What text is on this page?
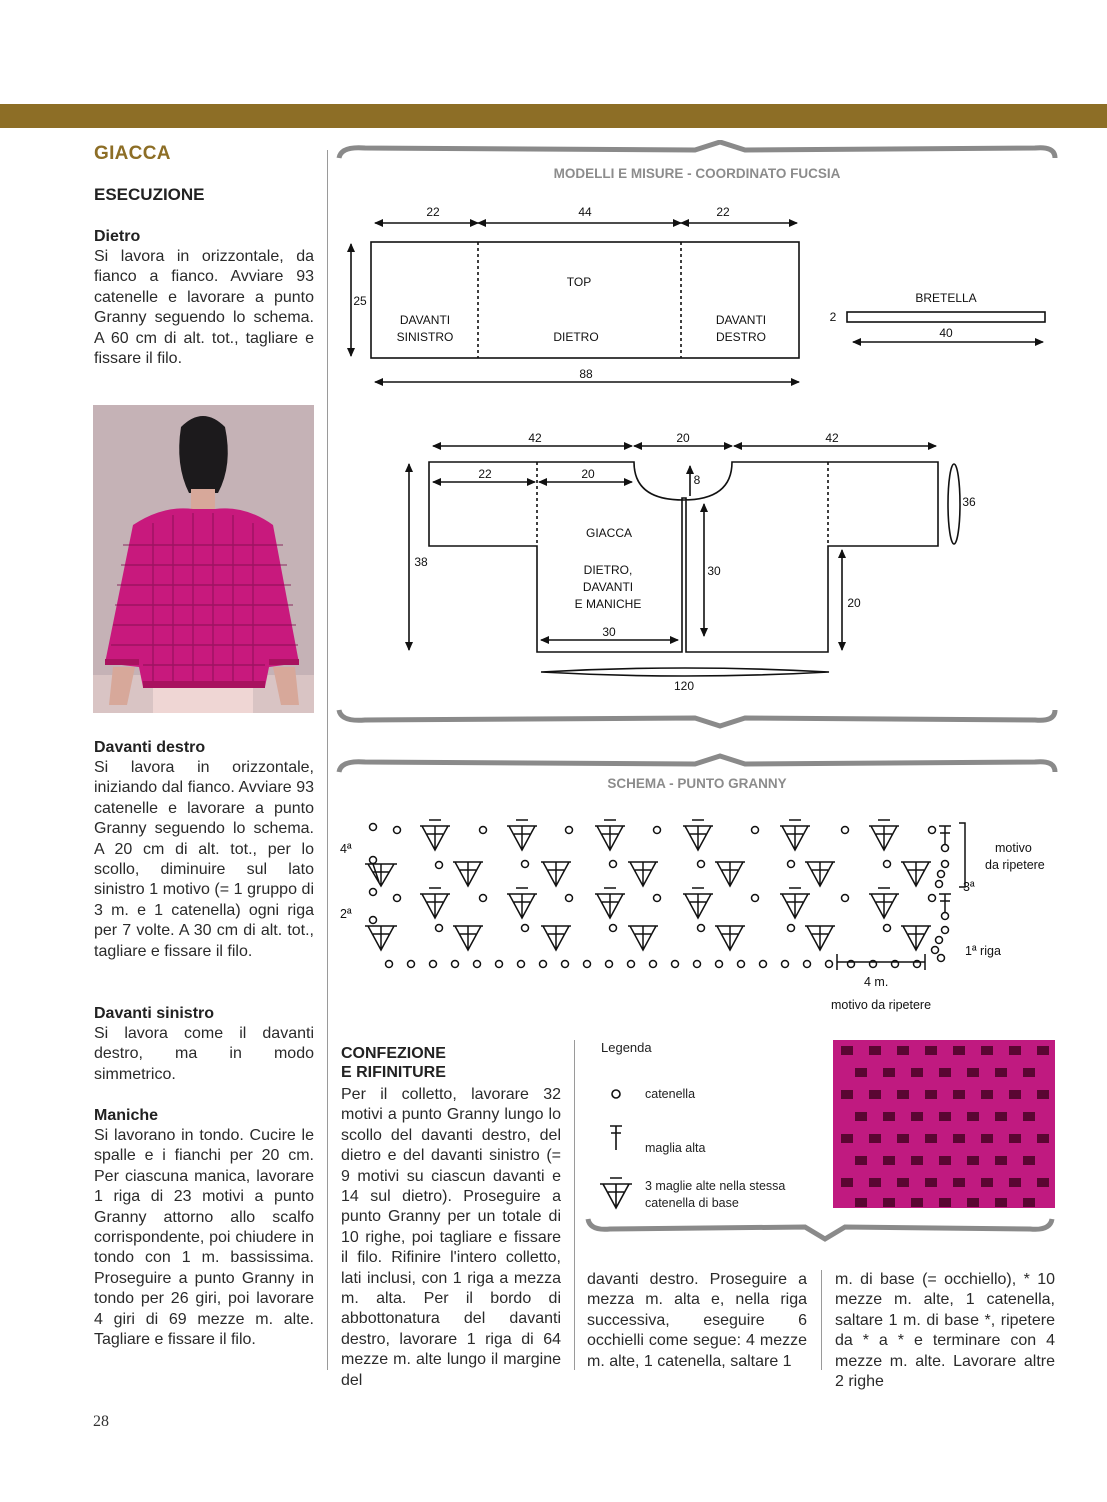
GIACCA
ESECUZIONE

Dietro

Si lavora in orizzontale, da fianco a fianco. Avviare 93 catenelle e lavorare a punto Granny seguendo lo schema. A 60 cm di alt. tot., tagliare e fissare il filo.

Davanti destro

Si lavora in orizzontale, iniziando dal fianco. Avviare 93 catenelle e lavorare a punto Granny seguendo lo schema. A 20 cm di alt. tot., per lo scollo, diminuire sul lato sinistro 1 motivo (= 1 gruppo di 3 m. e 1 catenella) ogni riga per 7 volte. A 30 cm di alt. tot., tagliare e fissare il filo.

Davanti sinistro

Si lavora come il davanti destro, ma in modo simmetrico.

Maniche

Si lavorano in tondo. Cucire le spalle e i fianchi per 20 cm. Per ciascuna manica, lavorare 1 riga di 23 motivi a punto Granny attorno allo scalfo corrispondente, poi chiudere in tondo con 1 m. bassissima. Proseguire a punto Granny in tondo per 26 giri, poi lavorare 4 giri di 69 mezze m. alte. Tagliare e fissare il filo.

MODELLI E MISURE - COORDINATO FUCSIA
22	44	22
25
88
TOP
DAVANTI
SINISTRO	DIETRO
DAVANTI
DESTRO
BRETELLA
2
40
42	20	42
22	20	8
36
38
30
20
30
120
GIACCA
DIETRO,
DAVANTI
E MANICHE
SCHEMA - PUNTO GRANNY
4ª
2ª
3ª
1ª riga
motivo
da ripetere
4 m.
motivo da ripetere
CONFEZIONE
E RIFINITURE

Per il colletto, lavorare 32 motivi a punto Granny lungo lo scollo del davanti destro, del dietro e del davanti sinistro (= 9 motivi su ciascun davanti e 14 sul dietro). Proseguire a punto Granny per un totale di 10 righe, poi tagliare e fissare il filo. Rifinire l'intero colletto, lati inclusi, con 1 riga a mezza m. alta. Per il bordo di abbottonatura del davanti destro, lavorare 1 riga di 64 mezze m. alte lungo il margine del

Legenda
catenella
maglia alta
3 maglie alte nella stessa
catenella di base

davanti destro. Proseguire a mezza m. alta e, nella riga successiva, eseguire 6 occhielli come segue: 4 mezze m. alte, 1 catenella, saltare 1

m. di base (= occhiello), * 10 mezze m. alte, 1 catenella, saltare 1 m. di base *, ripetere da * a * e terminare con 4 mezze m. alte. Lavorare altre 2 righe

28
